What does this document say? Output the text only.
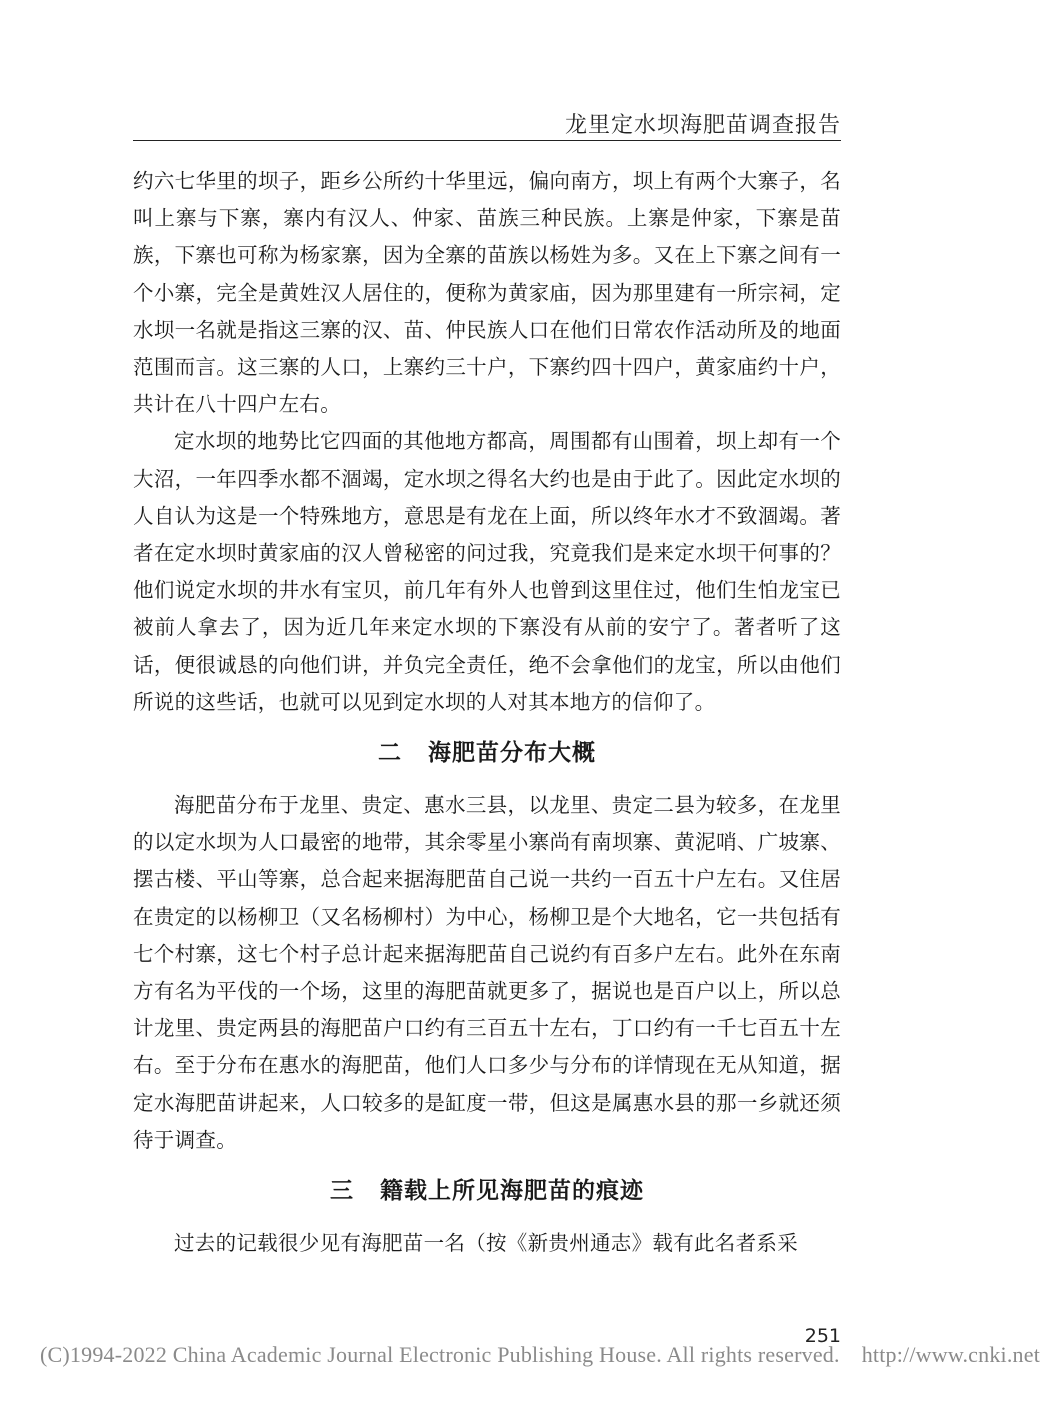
龙里定水坝海肥苗调查报告

约六七华里的坝子，距乡公所约十华里远，偏向南方，坝上有两个大寨子，名叫上寨与下寨，寨内有汉人、仲家、苗族三种民族。上寨是仲家，下寨是苗族，下寨也可称为杨家寨，因为全寨的苗族以杨姓为多。又在上下寨之间有一个小寨，完全是黄姓汉人居住的，便称为黄家庙，因为那里建有一所宗祠，定水坝一名就是指这三寨的汉、苗、仲民族人口在他们日常农作活动所及的地面范围而言。这三寨的人口，上寨约三十户，下寨约四十四户，黄家庙约十户，共计在八十四户左右。

定水坝的地势比它四面的其他地方都高，周围都有山围着，坝上却有一个大沼，一年四季水都不涸竭，定水坝之得名大约也是由于此了。因此定水坝的人自认为这是一个特殊地方，意思是有龙在上面，所以终年水才不致涸竭。著者在定水坝时黄家庙的汉人曾秘密的问过我，究竟我们是来定水坝干何事的？他们说定水坝的井水有宝贝，前几年有外人也曾到这里住过，他们生怕龙宝已被前人拿去了，因为近几年来定水坝的下寨没有从前的安宁了。著者听了这话，便很诚恳的向他们讲，并负完全责任，绝不会拿他们的龙宝，所以由他们所说的这些话，也就可以见到定水坝的人对其本地方的信仰了。

二 海肥苗分布大概

海肥苗分布于龙里、贵定、惠水三县，以龙里、贵定二县为较多，在龙里的以定水坝为人口最密的地带，其余零星小寨尚有南坝寨、黄泥哨、广坡寨、摆古楼、平山等寨，总合起来据海肥苗自己说一共约一百五十户左右。又住居在贵定的以杨柳卫（又名杨柳村）为中心，杨柳卫是个大地名，它一共包括有七个村寨，这七个村子总计起来据海肥苗自己说约有百多户左右。此外在东南方有名为平伐的一个场，这里的海肥苗就更多了，据说也是百户以上，所以总计龙里、贵定两县的海肥苗户口约有三百五十左右，丁口约有一千七百五十左右。至于分布在惠水的海肥苗，他们人口多少与分布的详情现在无从知道，据定水海肥苗讲起来，人口较多的是缸度一带，但这是属惠水县的那一乡就还须待于调查。

三 籍载上所见海肥苗的痕迹

过去的记载很少见有海肥苗一名（按《新贵州通志》载有此名者系采

251
(C)1994-2022 China Academic Journal Electronic Publishing House. All rights reserved. http://www.cnki.net
